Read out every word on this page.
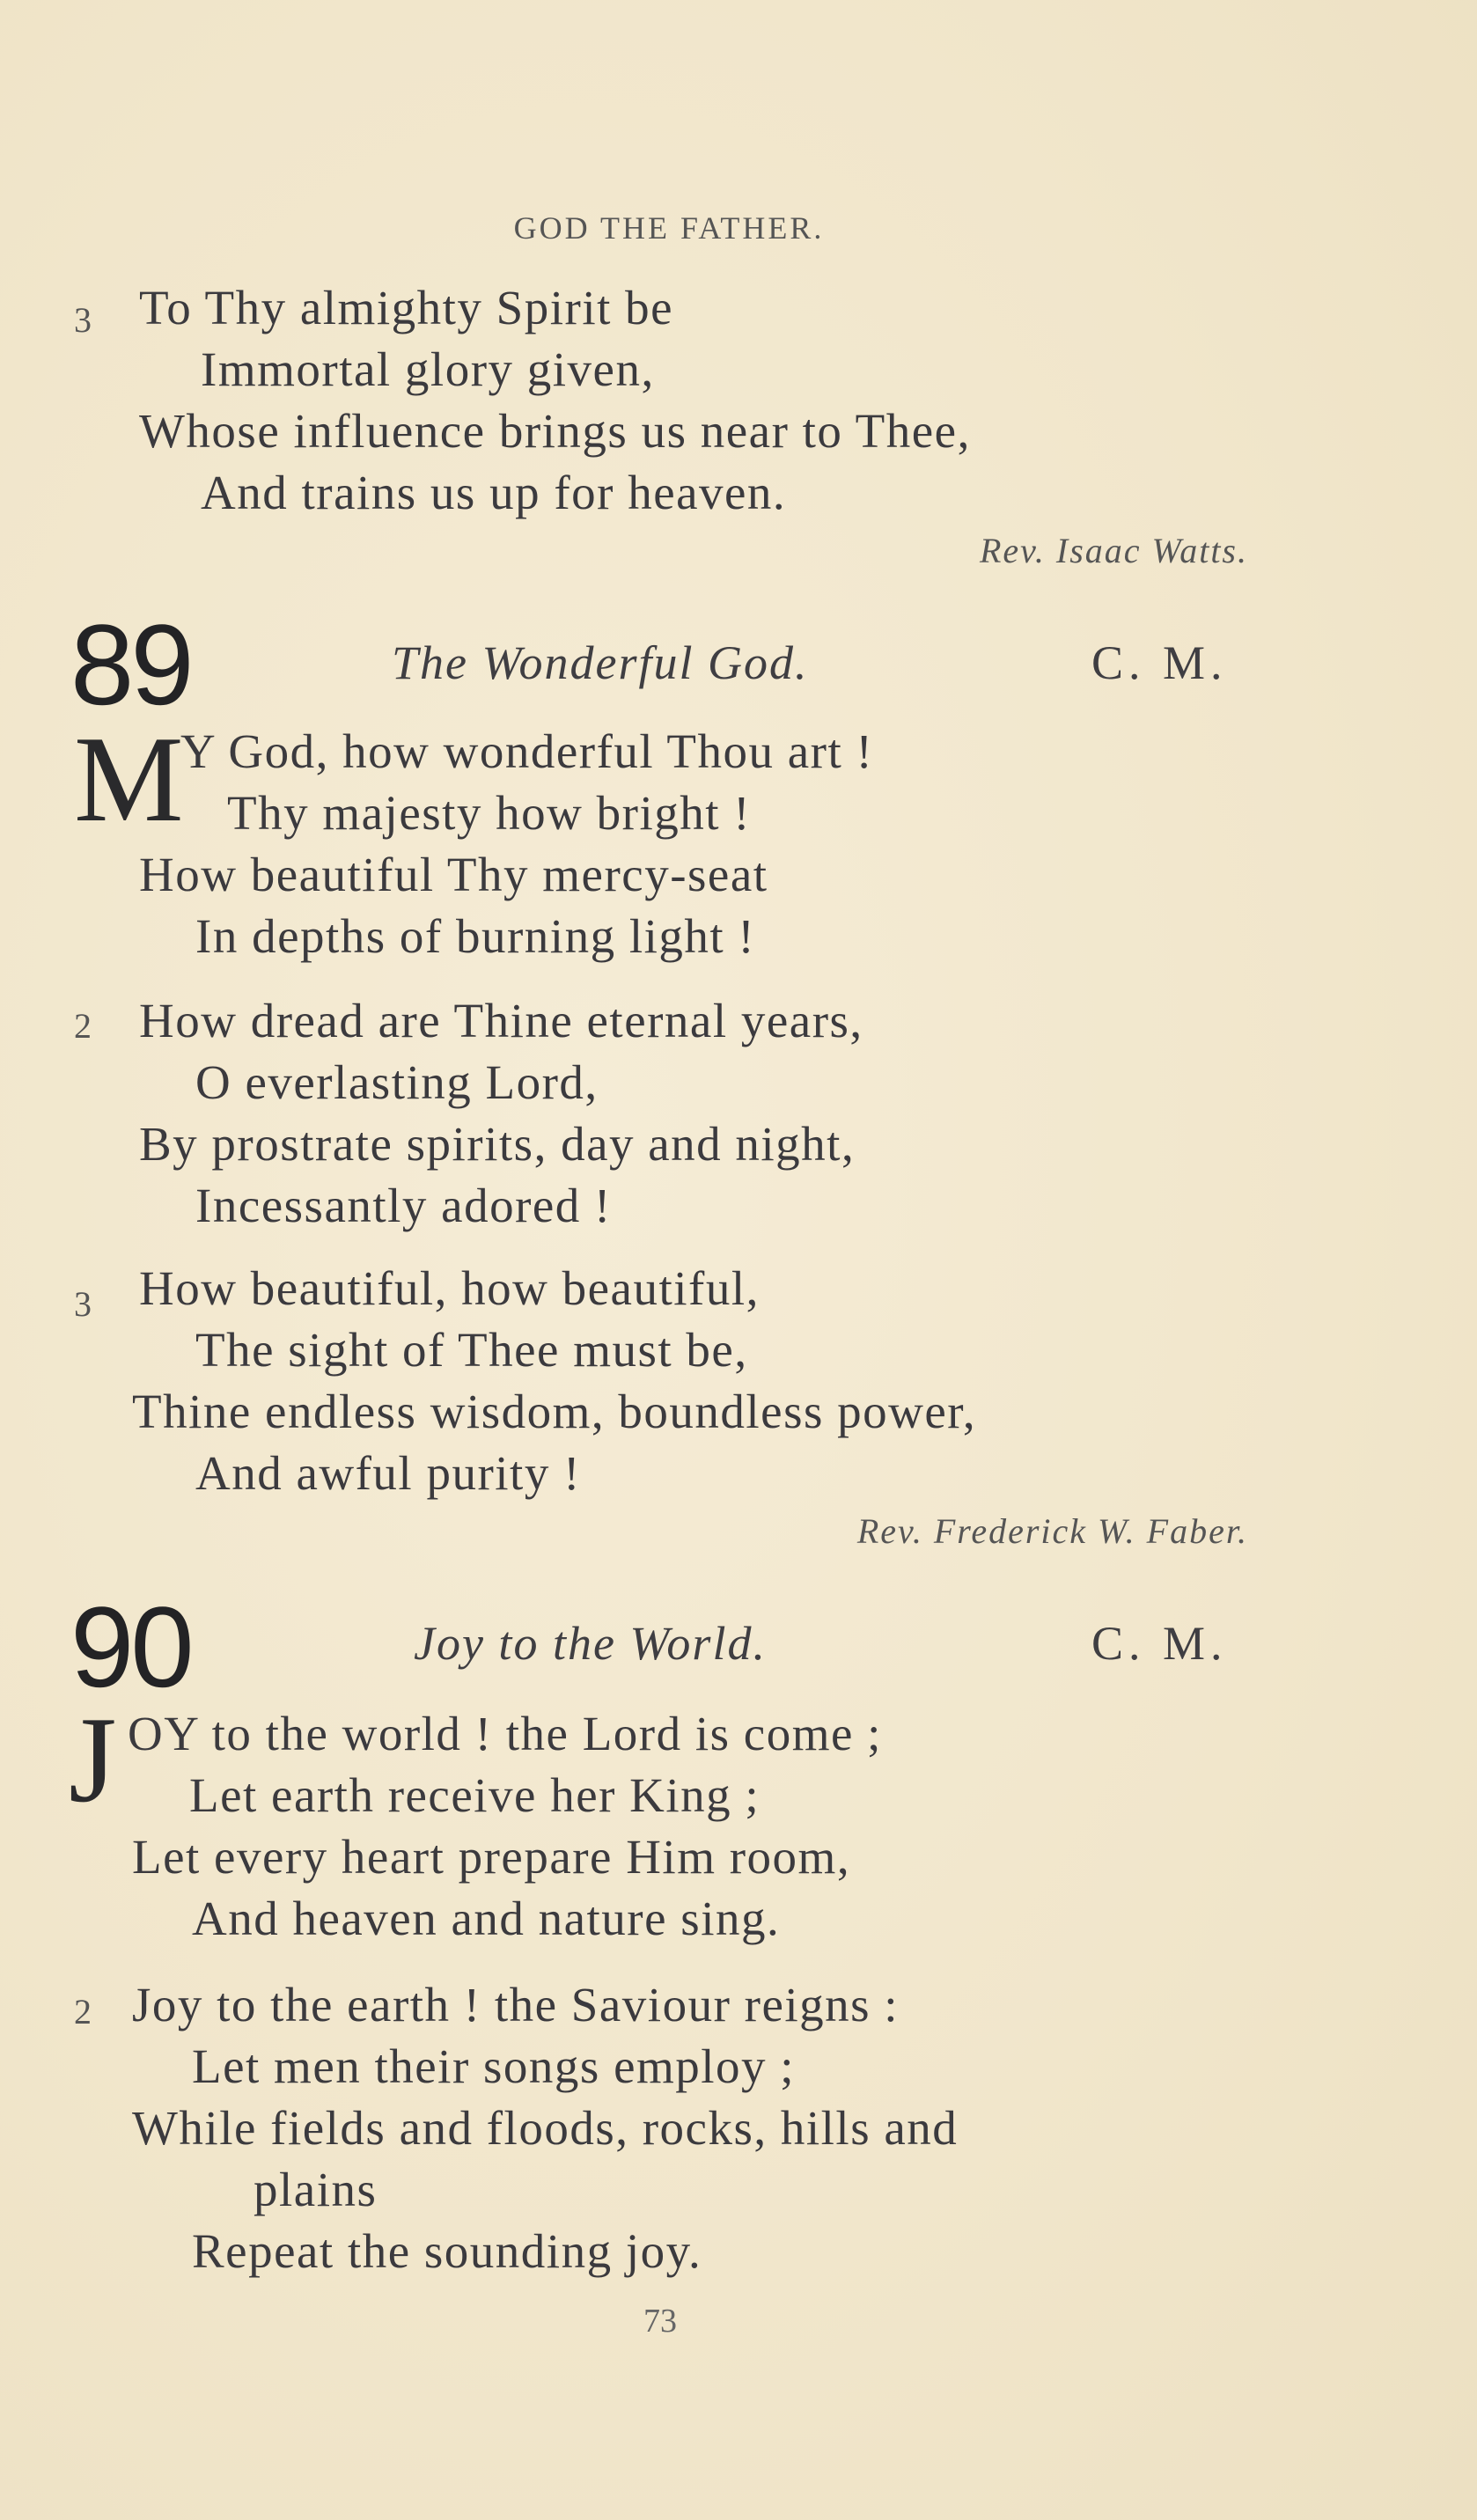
GOD THE FATHER.
3 To Thy almighty Spirit be
Immortal glory given,
Whose influence brings us near to Thee,
And trains us up for heaven.
Rev. Isaac Watts.
89	The Wonderful God.	C. M.
M
Y God, how wonderful Thou art !
Thy majesty how bright !
How beautiful Thy mercy-seat
In depths of burning light !
2 How dread are Thine eternal years,
O everlasting Lord,
By prostrate spirits, day and night,
Incessantly adored !
3 How beautiful, how beautiful,
The sight of Thee must be,
Thine endless wisdom, boundless power,
And awful purity !
Rev. Frederick W. Faber.
90	Joy to the World.	C. M.
J OY to the world ! the Lord is come ;
Let earth receive her King ;
Let every heart prepare Him room,
And heaven and nature sing.
2 Joy to the earth ! the Saviour reigns :
Let men their songs employ ;
While fields and floods, rocks, hills and
plains
Repeat the sounding joy.
73
